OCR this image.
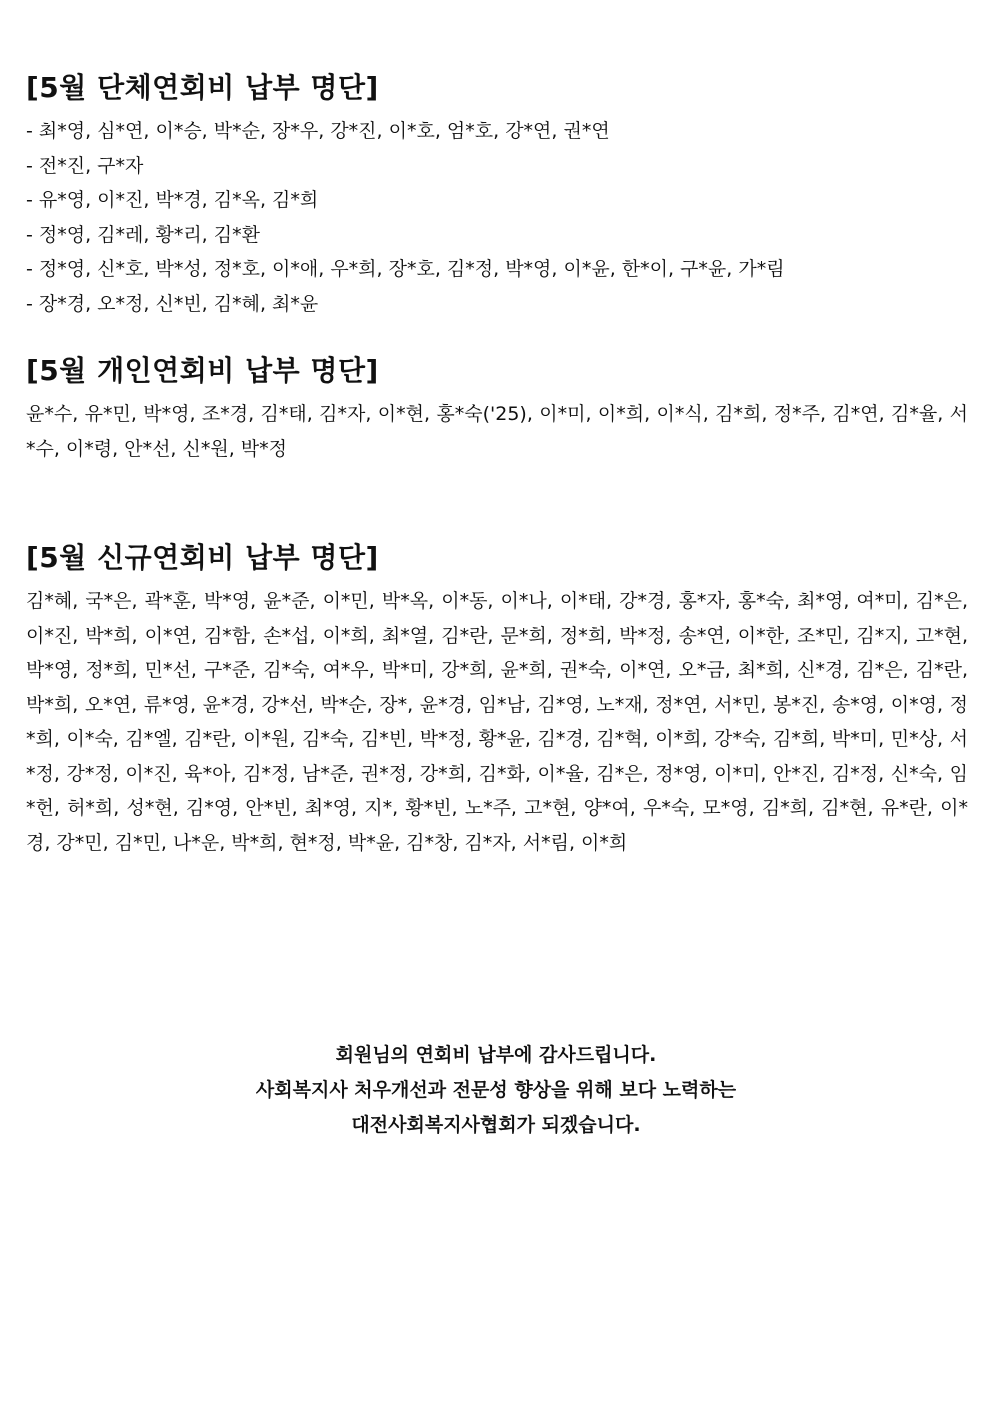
[5월 단체연회비 납부 명단]
- 최*영, 심*연, 이*승, 박*순, 장*우, 강*진, 이*호, 엄*호, 강*연, 권*연
- 전*진, 구*자
- 유*영, 이*진, 박*경, 김*옥, 김*희
- 정*영, 김*레, 황*리, 김*환
- 정*영, 신*호, 박*성, 정*호, 이*애, 우*희, 장*호, 김*정, 박*영, 이*윤, 한*이, 구*윤, 가*림
- 장*경, 오*정, 신*빈, 김*혜, 최*윤
[5월 개인연회비 납부 명단]

윤*수, 유*민, 박*영, 조*경, 김*태, 김*자, 이*현, 홍*숙('25), 이*미, 이*희, 이*식, 김*희, 정*주, 김*연, 김*율, 서*수, 이*령, 안*선, 신*원, 박*정

[5월 신규연회비 납부 명단]

김*혜, 국*은, 곽*훈, 박*영, 윤*준, 이*민, 박*옥, 이*동, 이*나, 이*태, 강*경, 홍*자, 홍*숙, 최*영, 여*미, 김*은, 이*진, 박*희, 이*연, 김*함, 손*섭, 이*희, 최*열, 김*란, 문*희, 정*희, 박*정, 송*연, 이*한, 조*민, 김*지, 고*현, 박*영, 정*희, 민*선, 구*준, 김*숙, 여*우, 박*미, 강*희, 윤*희, 권*숙, 이*연, 오*금, 최*희, 신*경, 김*은, 김*란, 박*희, 오*연, 류*영, 윤*경, 강*선, 박*순, 장*, 윤*경, 임*남, 김*영, 노*재, 정*연, 서*민, 봉*진, 송*영, 이*영, 정*희, 이*숙, 김*엘, 김*란, 이*원, 김*숙, 김*빈, 박*정, 황*윤, 김*경, 김*혁, 이*희, 강*숙, 김*희, 박*미, 민*상, 서*정, 강*정, 이*진, 육*아, 김*정, 남*준, 권*정, 강*희, 김*화, 이*율, 김*은, 정*영, 이*미, 안*진, 김*정, 신*숙, 임*헌, 허*희, 성*현, 김*영, 안*빈, 최*영, 지*, 황*빈, 노*주, 고*현, 양*여, 우*숙, 모*영, 김*희, 김*현, 유*란, 이*경, 강*민, 김*민, 나*운, 박*희, 현*정, 박*윤, 김*창, 김*자, 서*림, 이*희

회원님의 연회비 납부에 감사드립니다.

사회복지사 처우개선과 전문성 향상을 위해 보다 노력하는

대전사회복지사협회가 되겠습니다.
